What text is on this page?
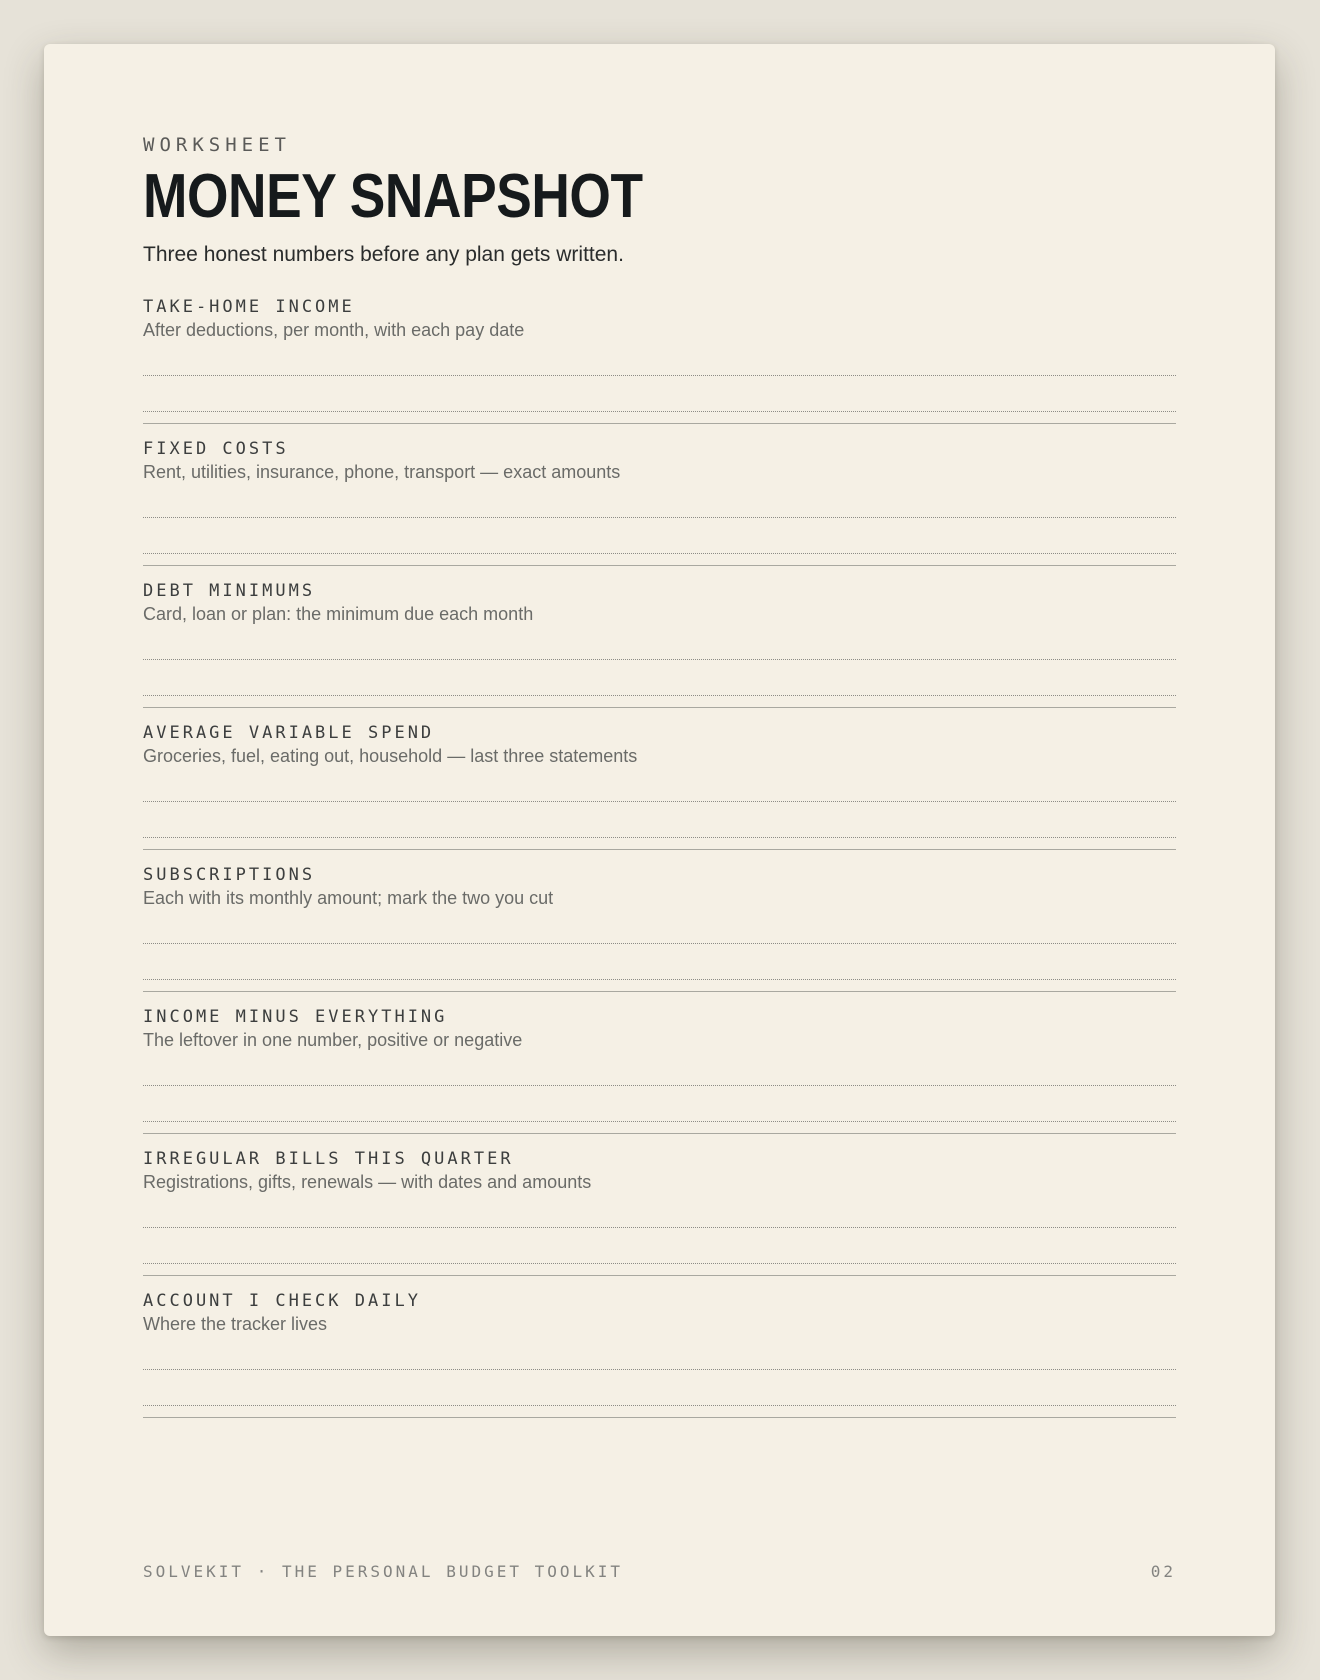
WORKSHEET
MONEY SNAPSHOT
Three honest numbers before any plan gets written.
TAKE-HOME INCOME
After deductions, per month, with each pay date
FIXED COSTS
Rent, utilities, insurance, phone, transport — exact amounts
DEBT MINIMUMS
Card, loan or plan: the minimum due each month
AVERAGE VARIABLE SPEND
Groceries, fuel, eating out, household — last three statements
SUBSCRIPTIONS
Each with its monthly amount; mark the two you cut
INCOME MINUS EVERYTHING
The leftover in one number, positive or negative
IRREGULAR BILLS THIS QUARTER
Registrations, gifts, renewals — with dates and amounts
ACCOUNT I CHECK DAILY
Where the tracker lives
SOLVEKIT · THE PERSONAL BUDGET TOOLKIT	02
